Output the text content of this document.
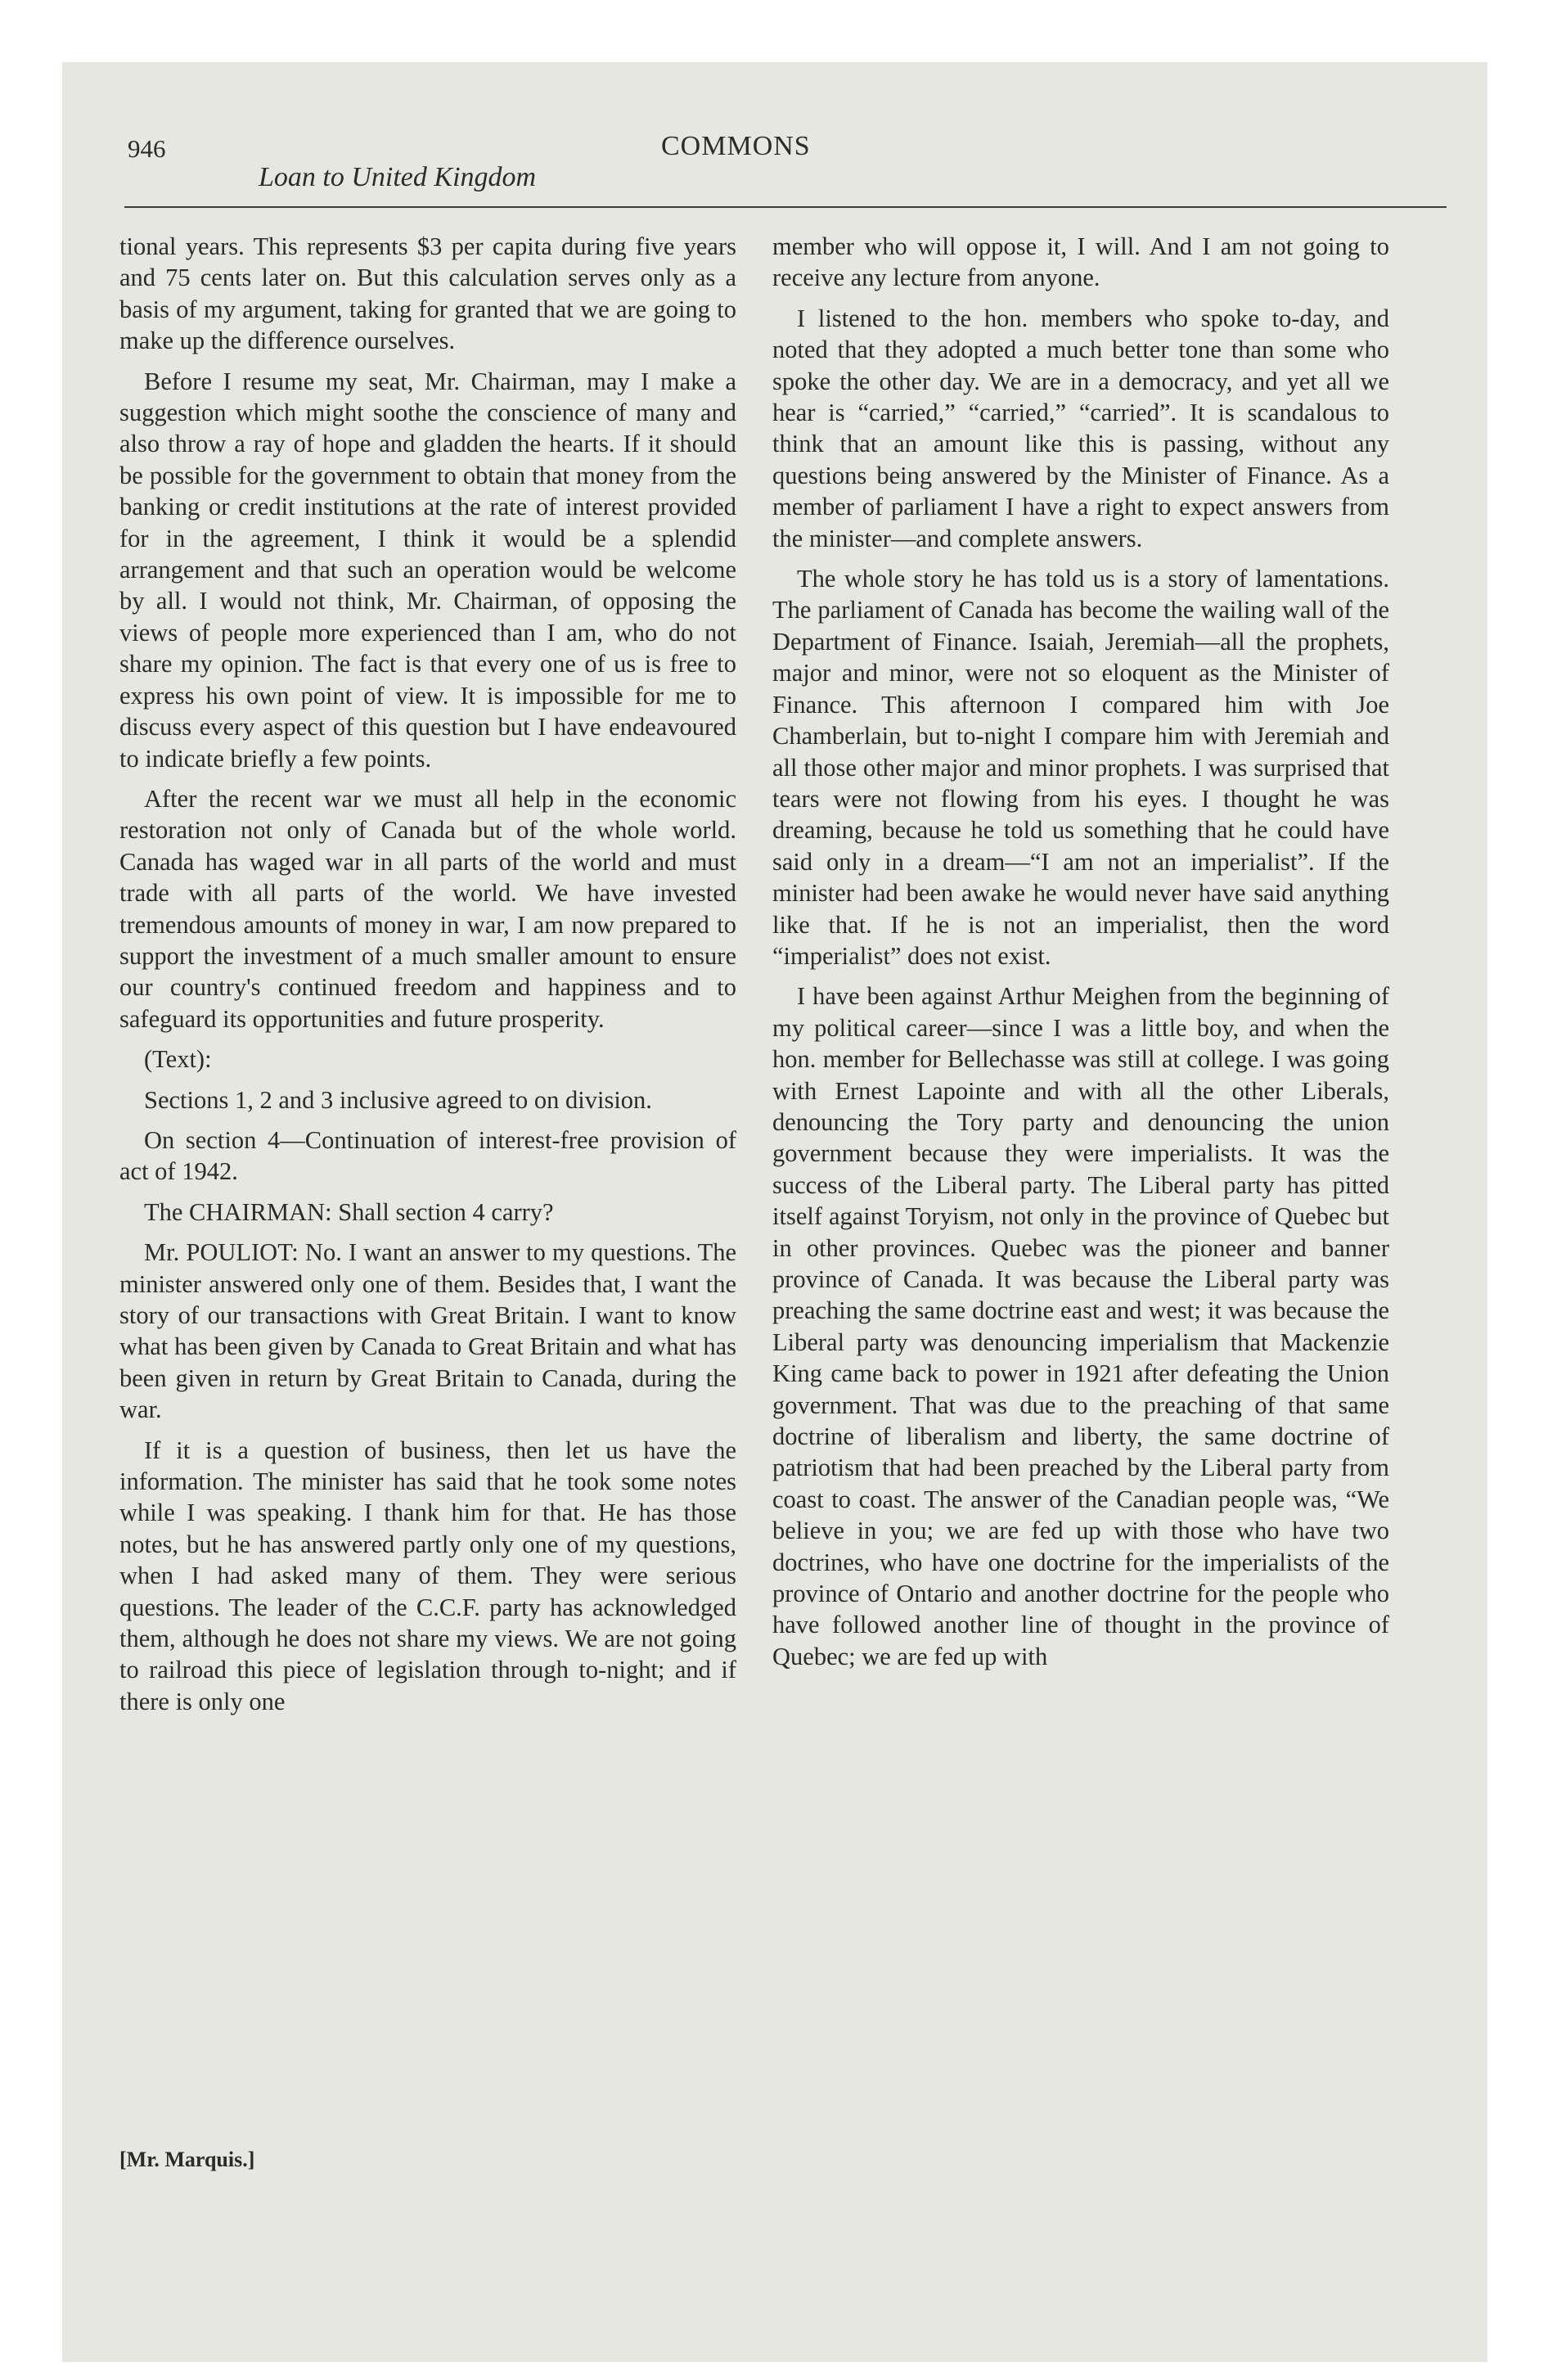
946	COMMONS
Loan to United Kingdom

tional years. This represents $3 per capita during five years and 75 cents later on. But this calculation serves only as a basis of my argument, taking for granted that we are going to make up the difference ourselves.

Before I resume my seat, Mr. Chairman, may I make a suggestion which might soothe the conscience of many and also throw a ray of hope and gladden the hearts. If it should be possible for the government to obtain that money from the banking or credit institutions at the rate of interest provided for in the agreement, I think it would be a splendid arrangement and that such an operation would be welcome by all. I would not think, Mr. Chairman, of opposing the views of people more experienced than I am, who do not share my opinion. The fact is that every one of us is free to express his own point of view. It is impossible for me to discuss every aspect of this question but I have endeavoured to indicate briefly a few points.

After the recent war we must all help in the economic restoration not only of Canada but of the whole world. Canada has waged war in all parts of the world and must trade with all parts of the world. We have invested tremendous amounts of money in war, I am now prepared to support the investment of a much smaller amount to ensure our country's continued freedom and happiness and to safeguard its opportunities and future prosperity.

(Text):

Sections 1, 2 and 3 inclusive agreed to on division.

On section 4—Continuation of interest-free provision of act of 1942.

The CHAIRMAN: Shall section 4 carry?

Mr. POULIOT: No. I want an answer to my questions. The minister answered only one of them. Besides that, I want the story of our transactions with Great Britain. I want to know what has been given by Canada to Great Britain and what has been given in return by Great Britain to Canada, during the war.

If it is a question of business, then let us have the information. The minister has said that he took some notes while I was speaking. I thank him for that. He has those notes, but he has answered partly only one of my questions, when I had asked many of them. They were serious questions. The leader of the C.C.F. party has acknowledged them, although he does not share my views. We are not going to railroad this piece of legislation through to-night; and if there is only one

member who will oppose it, I will. And I am not going to receive any lecture from anyone.

I listened to the hon. members who spoke to-day, and noted that they adopted a much better tone than some who spoke the other day. We are in a democracy, and yet all we hear is “carried,” “carried,” “carried”. It is scandalous to think that an amount like this is passing, without any questions being answered by the Minister of Finance. As a member of parliament I have a right to expect answers from the minister—and complete answers.

The whole story he has told us is a story of lamentations. The parliament of Canada has become the wailing wall of the Department of Finance. Isaiah, Jeremiah—all the prophets, major and minor, were not so eloquent as the Minister of Finance. This afternoon I compared him with Joe Chamberlain, but to-night I compare him with Jeremiah and all those other major and minor prophets. I was surprised that tears were not flowing from his eyes. I thought he was dreaming, because he told us something that he could have said only in a dream—“I am not an imperialist”. If the minister had been awake he would never have said anything like that. If he is not an imperialist, then the word “imperialist” does not exist.

I have been against Arthur Meighen from the beginning of my political career—since I was a little boy, and when the hon. member for Bellechasse was still at college. I was going with Ernest Lapointe and with all the other Liberals, denouncing the Tory party and denouncing the union government because they were imperialists. It was the success of the Liberal party. The Liberal party has pitted itself against Toryism, not only in the province of Quebec but in other provinces. Quebec was the pioneer and banner province of Canada. It was because the Liberal party was preaching the same doctrine east and west; it was because the Liberal party was denouncing imperialism that Mackenzie King came back to power in 1921 after defeating the Union government. That was due to the preaching of that same doctrine of liberalism and liberty, the same doctrine of patriotism that had been preached by the Liberal party from coast to coast. The answer of the Canadian people was, “We believe in you; we are fed up with those who have two doctrines, who have one doctrine for the imperialists of the province of Ontario and another doctrine for the people who have followed another line of thought in the province of Quebec; we are fed up with

[Mr. Marquis.]
